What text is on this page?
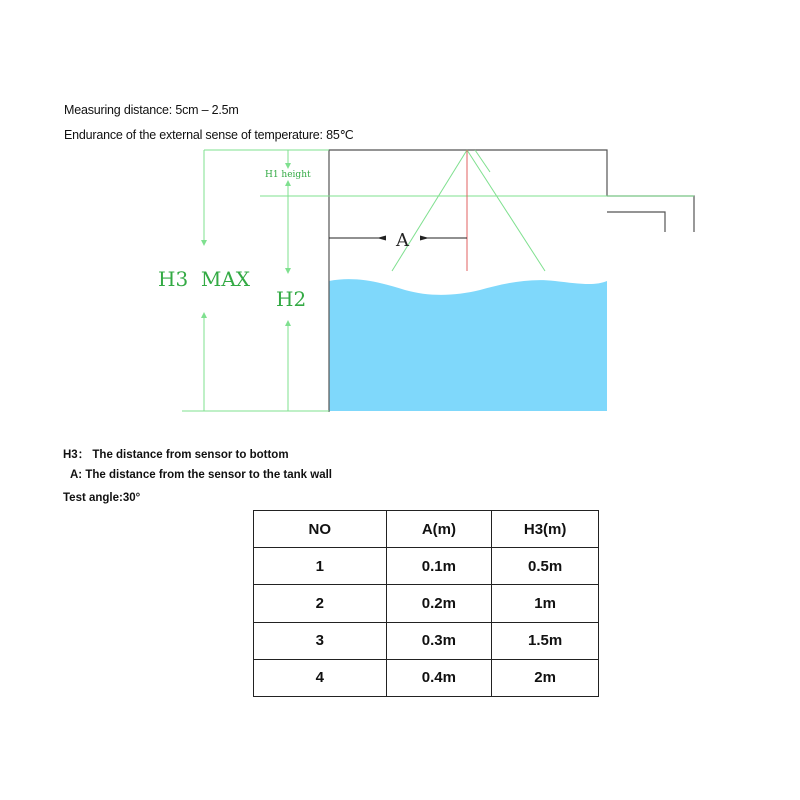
Measuring distance: 5cm – 2.5m
Endurance of the external sense of temperature: 85℃
H1 height
H3  MAX
H2
A
H3： The distance from sensor to bottom
A: The distance from the sensor to the tank wall
Test angle:30°
NO	A(m)	H3(m)
1	0.1m	0.5m
2	0.2m	1m
3	0.3m	1.5m
4	0.4m	2m
